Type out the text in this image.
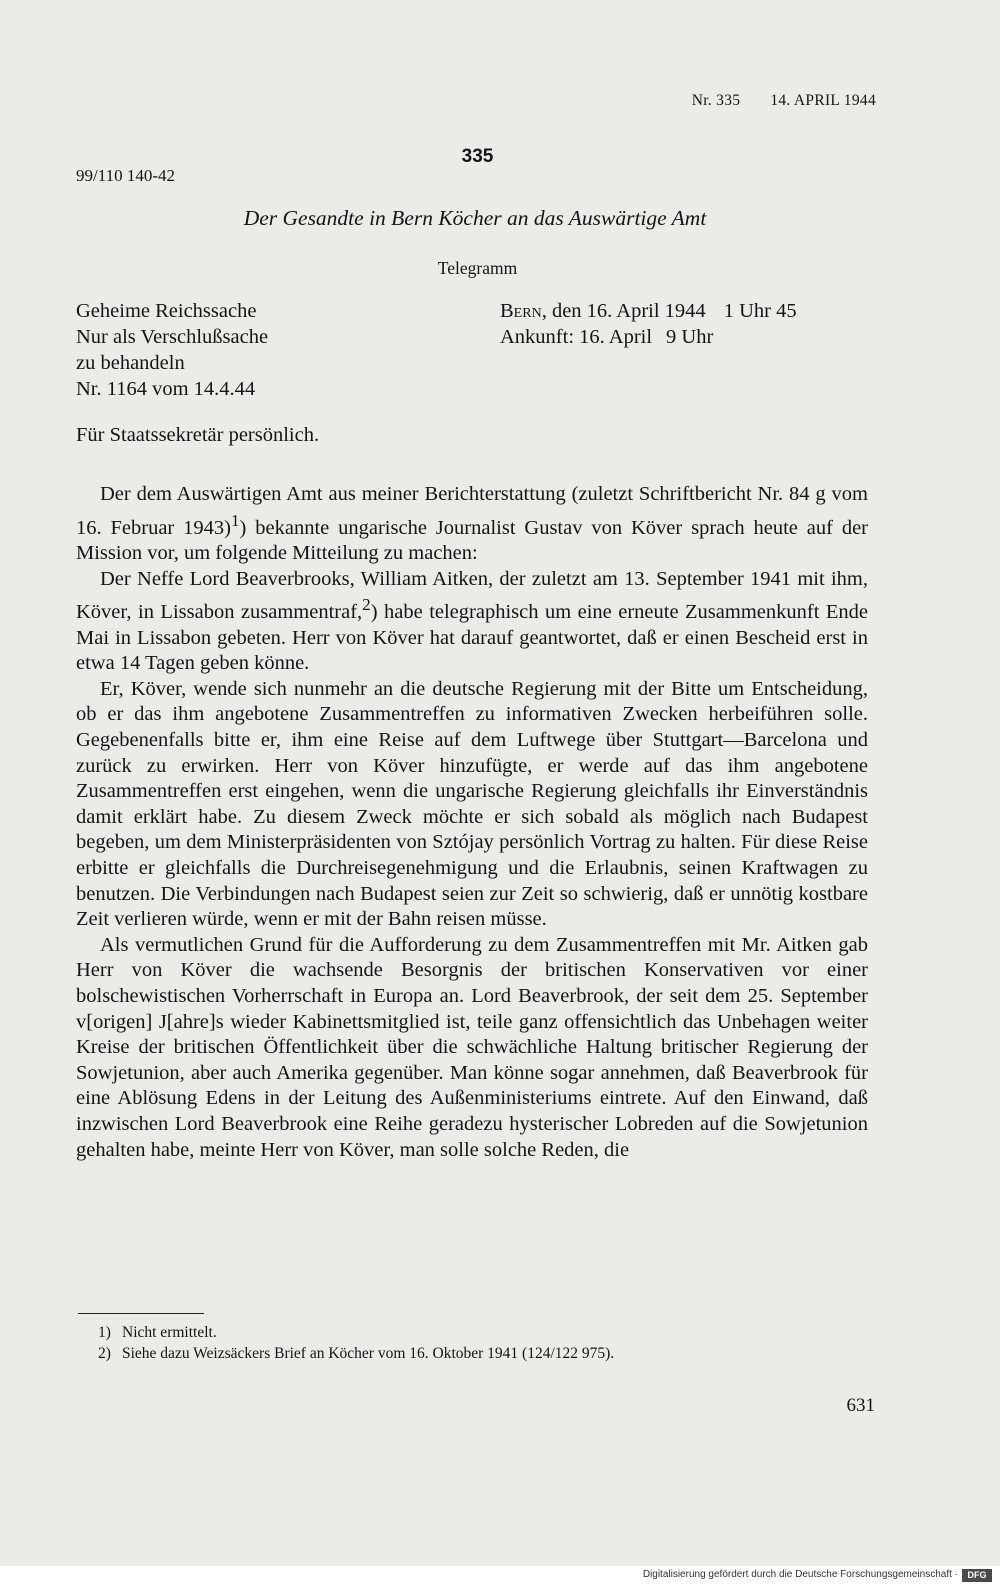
Nr. 335 14. APRIL 1944
335
99/110 140-42
Der Gesandte in Bern Köcher an das Auswärtige Amt
Telegramm
Geheime Reichssache
Nur als Verschlußsache
zu behandeln
Nr. 1164 vom 14.4.44
Bern, den 16. April 1944 1 Uhr 45
Ankunft: 16. April 9 Uhr
Für Staatssekretär persönlich.

Der dem Auswärtigen Amt aus meiner Berichterstattung (zuletzt Schriftbericht Nr. 84 g vom 16. Februar 1943)$^1$) bekannte ungarische Journalist Gustav von Köver sprach heute auf der Mission vor, um folgende Mitteilung zu machen:

Der Neffe Lord Beaverbrooks, William Aitken, der zuletzt am 13. September 1941 mit ihm, Köver, in Lissabon zusammentraf,$^2$) habe telegraphisch um eine erneute Zusammenkunft Ende Mai in Lissabon gebeten. Herr von Köver hat darauf geantwortet, daß er einen Bescheid erst in etwa 14 Tagen geben könne.

Er, Köver, wende sich nunmehr an die deutsche Regierung mit der Bitte um Entscheidung, ob er das ihm angebotene Zusammentreffen zu informativen Zwecken herbeiführen solle. Gegebenenfalls bitte er, ihm eine Reise auf dem Luftwege über Stuttgart—Barcelona und zurück zu erwirken. Herr von Köver hinzufügte, er werde auf das ihm angebotene Zusammentreffen erst eingehen, wenn die ungarische Regierung gleichfalls ihr Einverständnis damit erklärt habe. Zu diesem Zweck möchte er sich sobald als möglich nach Budapest begeben, um dem Ministerpräsidenten von Sztójay persönlich Vortrag zu halten. Für diese Reise erbitte er gleichfalls die Durchreisegenehmigung und die Erlaubnis, seinen Kraftwagen zu benutzen. Die Verbindungen nach Budapest seien zur Zeit so schwierig, daß er unnötig kostbare Zeit verlieren würde, wenn er mit der Bahn reisen müsse.

Als vermutlichen Grund für die Aufforderung zu dem Zusammentreffen mit Mr. Aitken gab Herr von Köver die wachsende Besorgnis der britischen Konservativen vor einer bolschewistischen Vorherrschaft in Europa an. Lord Beaverbrook, der seit dem 25. September v[origen] J[ahre]s wieder Kabinettsmitglied ist, teile ganz offensichtlich das Unbehagen weiter Kreise der britischen Öffentlichkeit über die schwächliche Haltung britischer Regierung der Sowjetunion, aber auch Amerika gegenüber. Man könne sogar annehmen, daß Beaverbrook für eine Ablösung Edens in der Leitung des Außenministeriums eintrete. Auf den Einwand, daß inzwischen Lord Beaverbrook eine Reihe geradezu hysterischer Lobreden auf die Sowjetunion gehalten habe, meinte Herr von Köver, man solle solche Reden, die

1) Nicht ermittelt.
2) Siehe dazu Weizsäckers Brief an Köcher vom 16. Oktober 1941 (124/122 975).
631
Digitalisierung gefördert durch die Deutsche Forschungsgemeinschaft ·	DFG
